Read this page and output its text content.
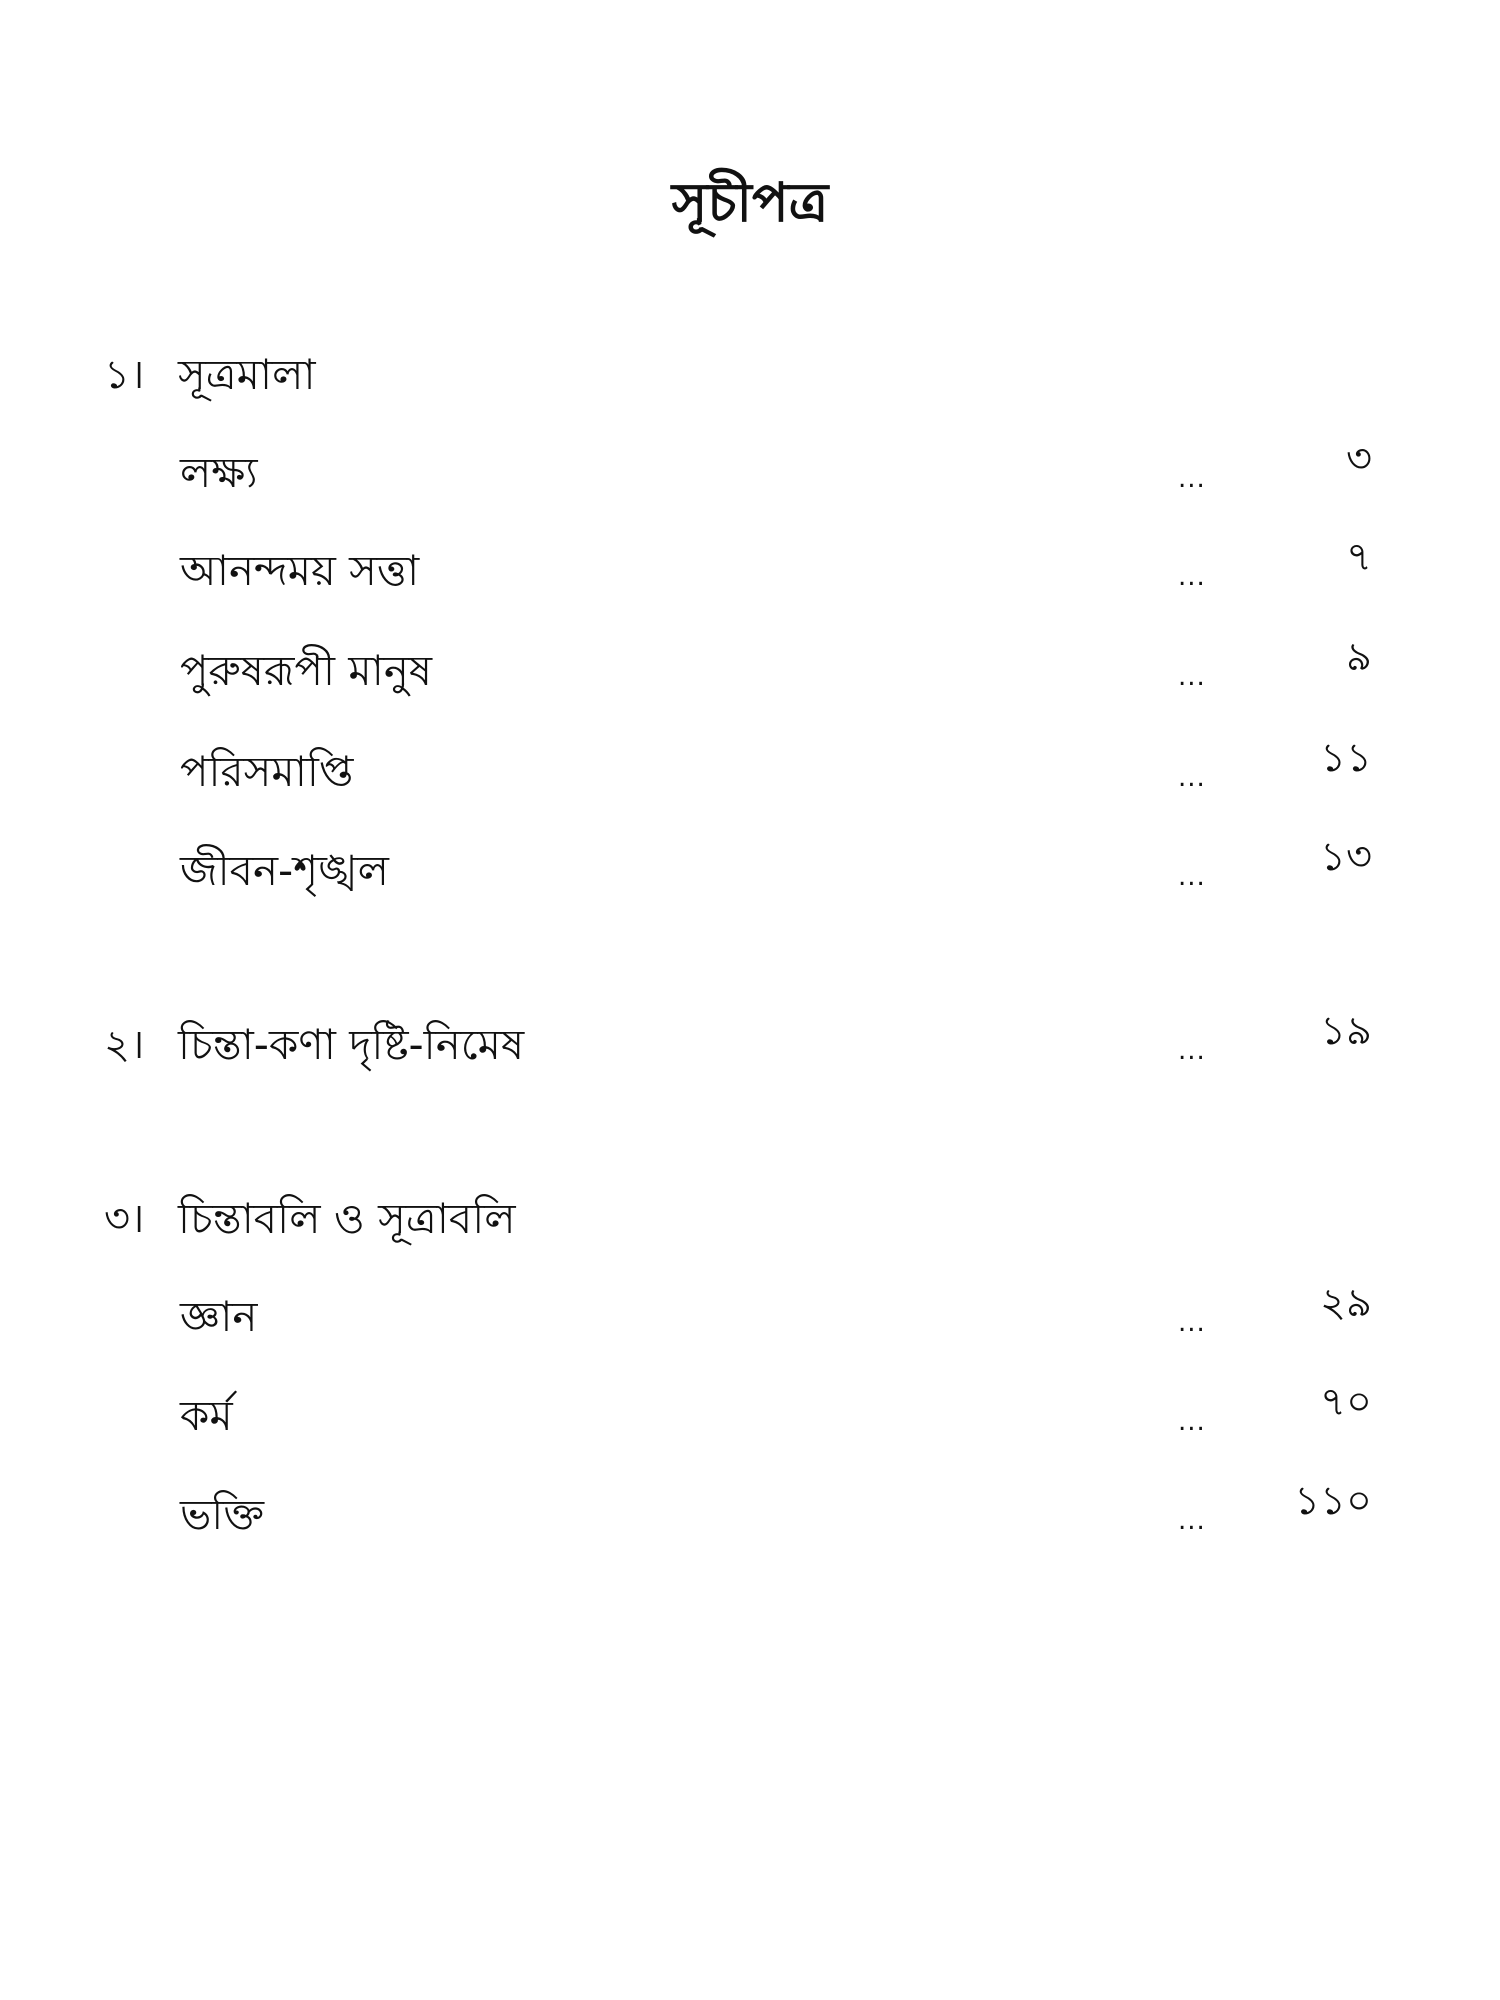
সূচীপত্র
১। সূত্রমালা
লক্ষ্য	...	৩
আনন্দময় সত্তা	...	৭
পুরুষরূপী মানুষ	...	৯
পরিসমাপ্তি	...	১১
জীবন-শৃঙ্খল	...	১৩
২। চিন্তা-কণা দৃষ্টি-নিমেষ	...	১৯
৩। চিন্তাবলি ও সূত্রাবলি
জ্ঞান	...	২৯
কর্ম	...	৭০
ভক্তি	... ১১০
